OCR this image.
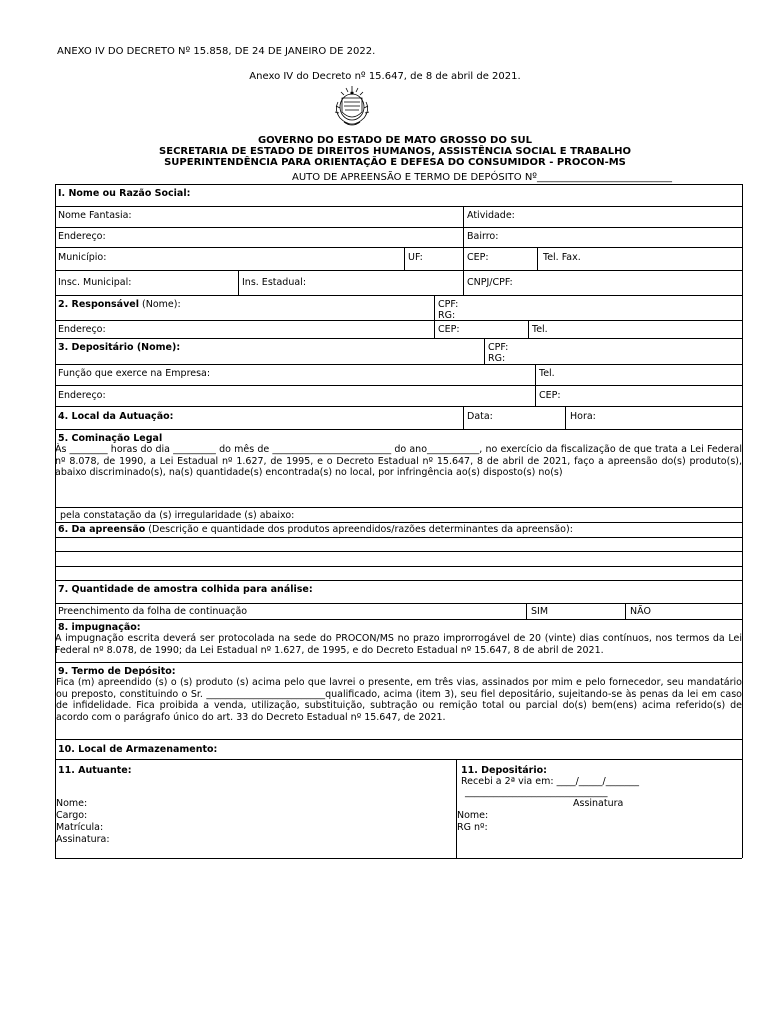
ANEXO IV DO DECRETO Nº 15.858, DE 24 DE JANEIRO DE 2022.
Anexo IV do Decreto nº 15.647, de 8 de abril de 2021.
GOVERNO DO ESTADO DE MATO GROSSO DO SUL
SECRETARIA DE ESTADO DE DIREITOS HUMANOS, ASSISTÊNCIA SOCIAL E TRABALHO
SUPERINTENDÊNCIA PARA ORIENTAÇÃO E DEFESA DO CONSUMIDOR - PROCON-MS
AUTO DE APREENSÃO E TERMO DE DEPÓSITO Nº___________________________
I. Nome ou Razão Social:
Nome Fantasia:	Atividade:
Endereço:	Bairro:
Município:	UF:	CEP:	Tel. Fax.
Insc. Municipal:	Ins. Estadual:	CNPJ/CPF:
2. Responsável (Nome):	CPF:
RG:
Endereço:	CEP:	Tel.
3. Depositário (Nome):	CPF:
RG:
Função que exerce na Empresa:	Tel.
Endereço:	CEP:
4. Local da Autuação:	Data:	Hora:
5. Cominação Legal
Às ________ horas do dia _________ do mês de _________________________ do ano___________, no exercício da fiscalização de que trata a Lei Federal nº 8.078, de 1990, a Lei Estadual nº 1.627, de 1995, e o Decreto Estadual nº 15.647, 8 de abril de 2021, faço a apreensão do(s) produto(s), abaixo discriminado(s), na(s) quantidade(s) encontrada(s) no local, por infringência ao(s) disposto(s) no(s)
pela constatação da (s) irregularidade (s) abaixo:
6. Da apreensão (Descrição e quantidade dos produtos apreendidos/razões determinantes da apreensão):
7. Quantidade de amostra colhida para análise:
Preenchimento da folha de continuação	SIM	NÃO
8. impugnação:
A impugnação escrita deverá ser protocolada na sede do PROCON/MS no prazo improrrogável de 20 (vinte) dias contínuos, nos termos da Lei Federal nº 8.078, de 1990; da Lei Estadual nº 1.627, de 1995, e do Decreto Estadual nº 15.647, 8 de abril de 2021.
9. Termo de Depósito:
Fica (m) apreendido (s) o (s) produto (s) acima pelo que lavrei o presente, em três vias, assinados por mim e pelo fornecedor, seu mandatário ou preposto, constituindo o Sr. _________________________qualificado, acima (item 3), seu fiel depositário, sujeitando-se às penas da lei em caso de infidelidade. Fica proibida a venda, utilização, substituição, subtração ou remição total ou parcial do(s) bem(ens) acima referido(s) de acordo com o parágrafo único do art. 33 do Decreto Estadual nº 15.647, de 2021.
10. Local de Armazenamento:
11. Autuante:
Nome:
Cargo:
Matrícula:
Assinatura:
11. Depositário:
Recebi a 2ª via em: ____/_____/_______
______________________________
Assinatura
Nome:
RG nº:
